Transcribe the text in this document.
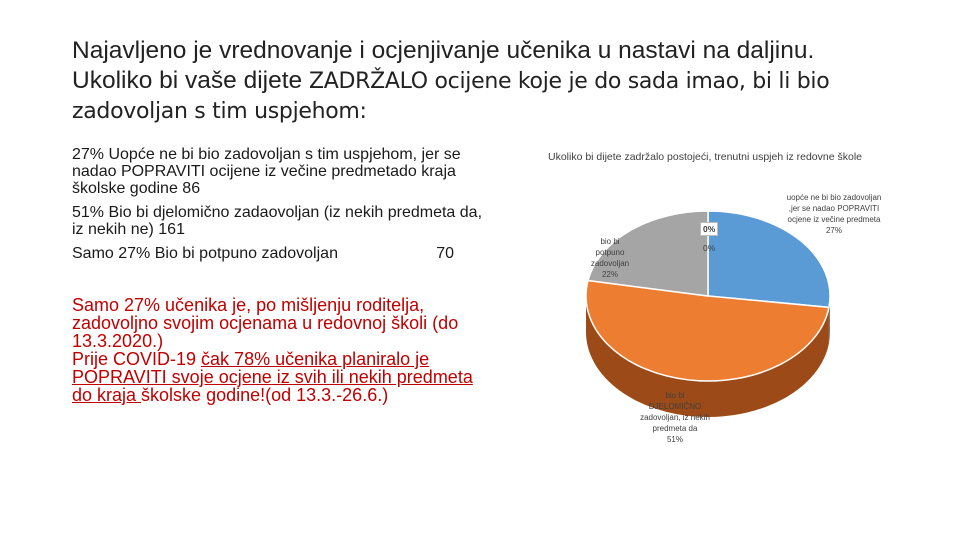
Najavljeno je vrednovanje i ocjenjivanje učenika u nastavi na daljinu.
Ukoliko bi vaše dijete ZADRŽALO ocijene koje je do sada imao, bi li bio
zadovoljan s tim uspjehom:

27% Uopće ne bi bio zadovoljan s tim uspjehom, jer se nadao POPRAVITI ocijene iz večine predmetado kraja školske godine 86

51% Bio bi djelomično zadaovoljan (iz nekih predmeta da, iz nekih ne) 161

Samo 27% Bio bi potpuno zadovoljan	70

Samo 27% učenika je, po mišljenju roditelja, zadovoljno svojim ocjenama u redovnoj školi (do 13.3.2020.)

Prije COVID-19 čak 78% učenika planiralo je POPRAVITI svoje ocjene iz svih ili nekih predmeta do kraja školske godine!(od 13.3.-26.6.)

Ukoliko bi dijete zadržalo postojeći, trenutni uspjeh iz redovne škole
uopće ne bi bio zadovoljan ,jer se nadao POPRAVITI ocjene iz večine predmeta
27%
bio bi DJELOMIČNO zadovoljan, iz nekih predmeta da
51%
bio bi potpuno zadovoljan
22%
0%
0%
